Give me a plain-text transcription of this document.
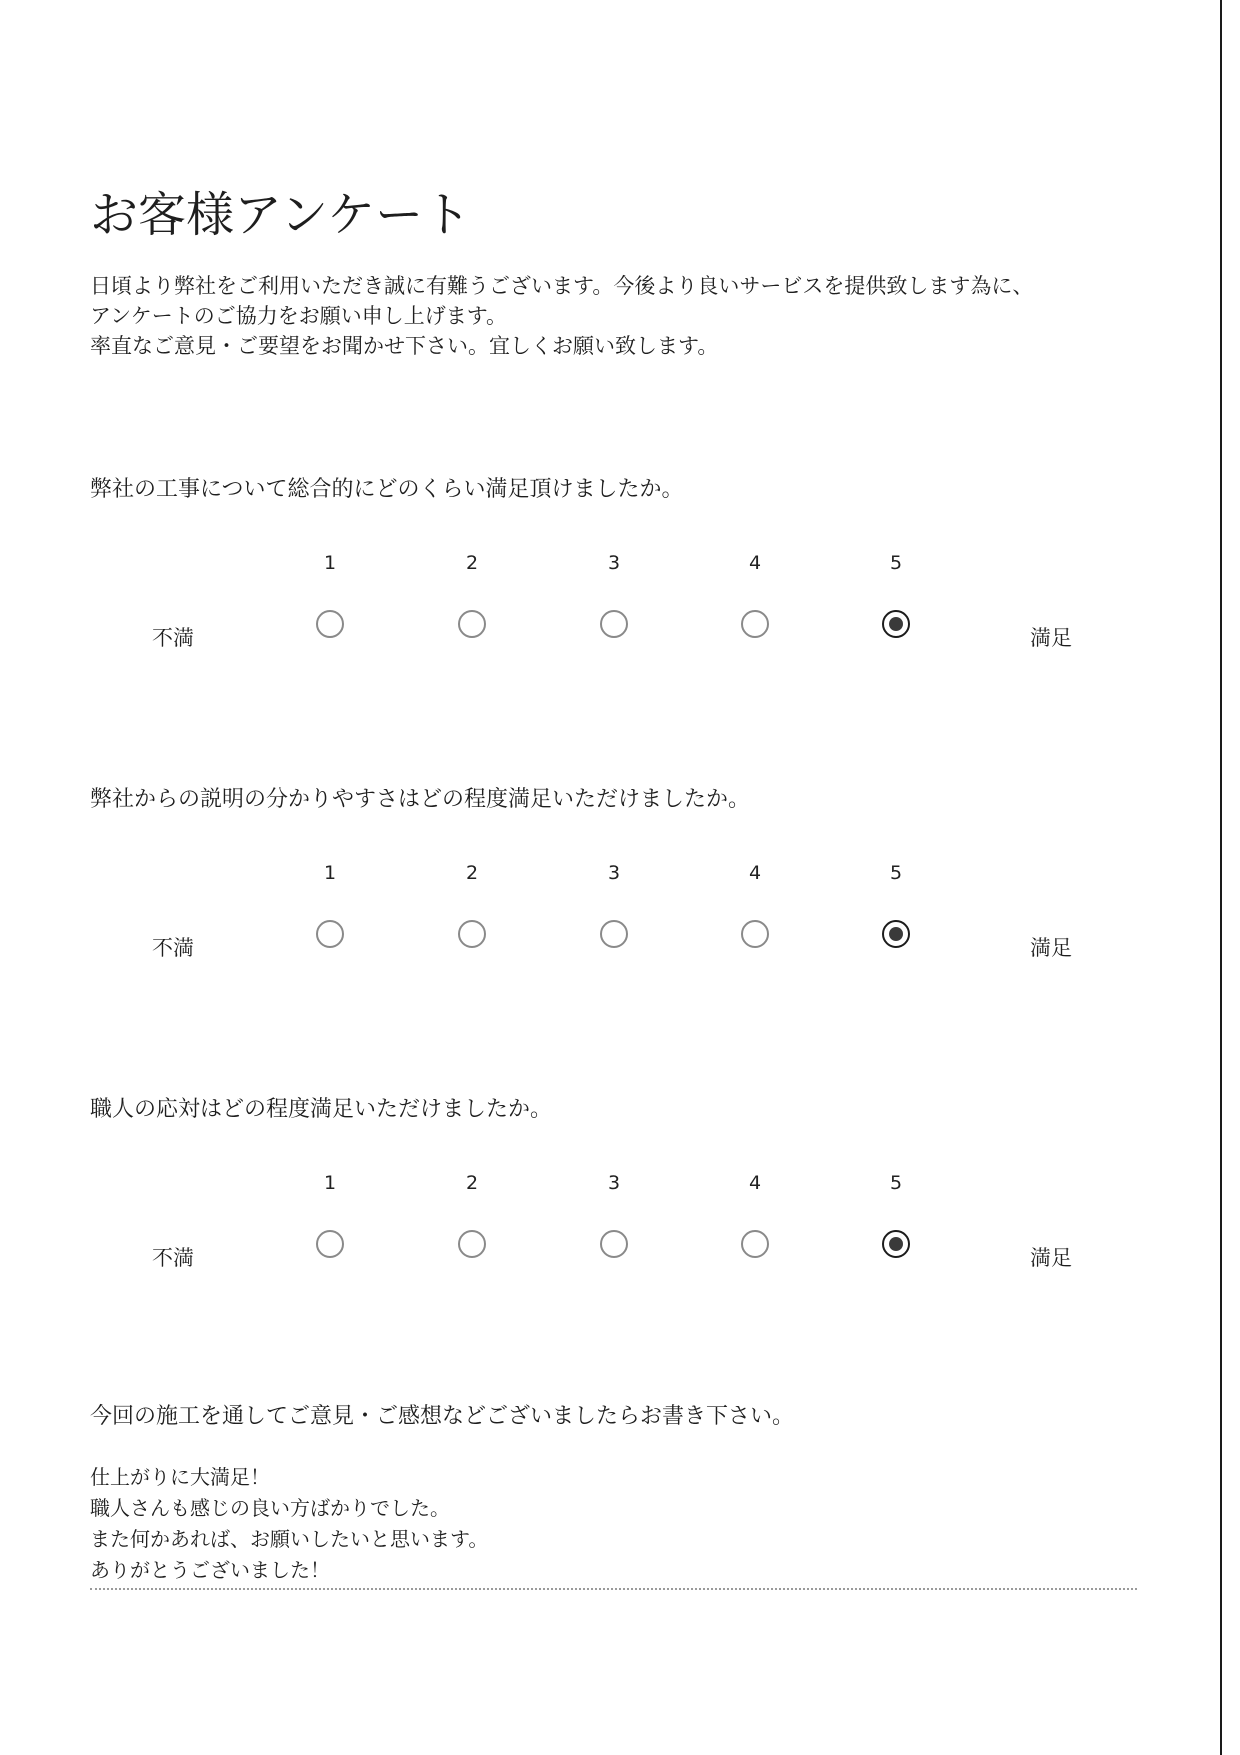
お客様アンケート
日頃より弊社をご利用いただき誠に有難うございます。今後より良いサービスを提供致します為に、
アンケートのご協力をお願い申し上げます。
率直なご意見・ご要望をお聞かせ下さい。宜しくお願い致します。
弊社の工事について総合的にどのくらい満足頂けましたか。
1	2	3	4	5
不満	満足
弊社からの説明の分かりやすさはどの程度満足いただけましたか。
1	2	3	4	5
不満	満足
職人の応対はどの程度満足いただけましたか。
1	2	3	4	5
不満	満足
今回の施工を通してご意見・ご感想などございましたらお書き下さい。
仕上がりに大満足！
職人さんも感じの良い方ばかりでした。
また何かあれば、お願いしたいと思います。
ありがとうございました！
